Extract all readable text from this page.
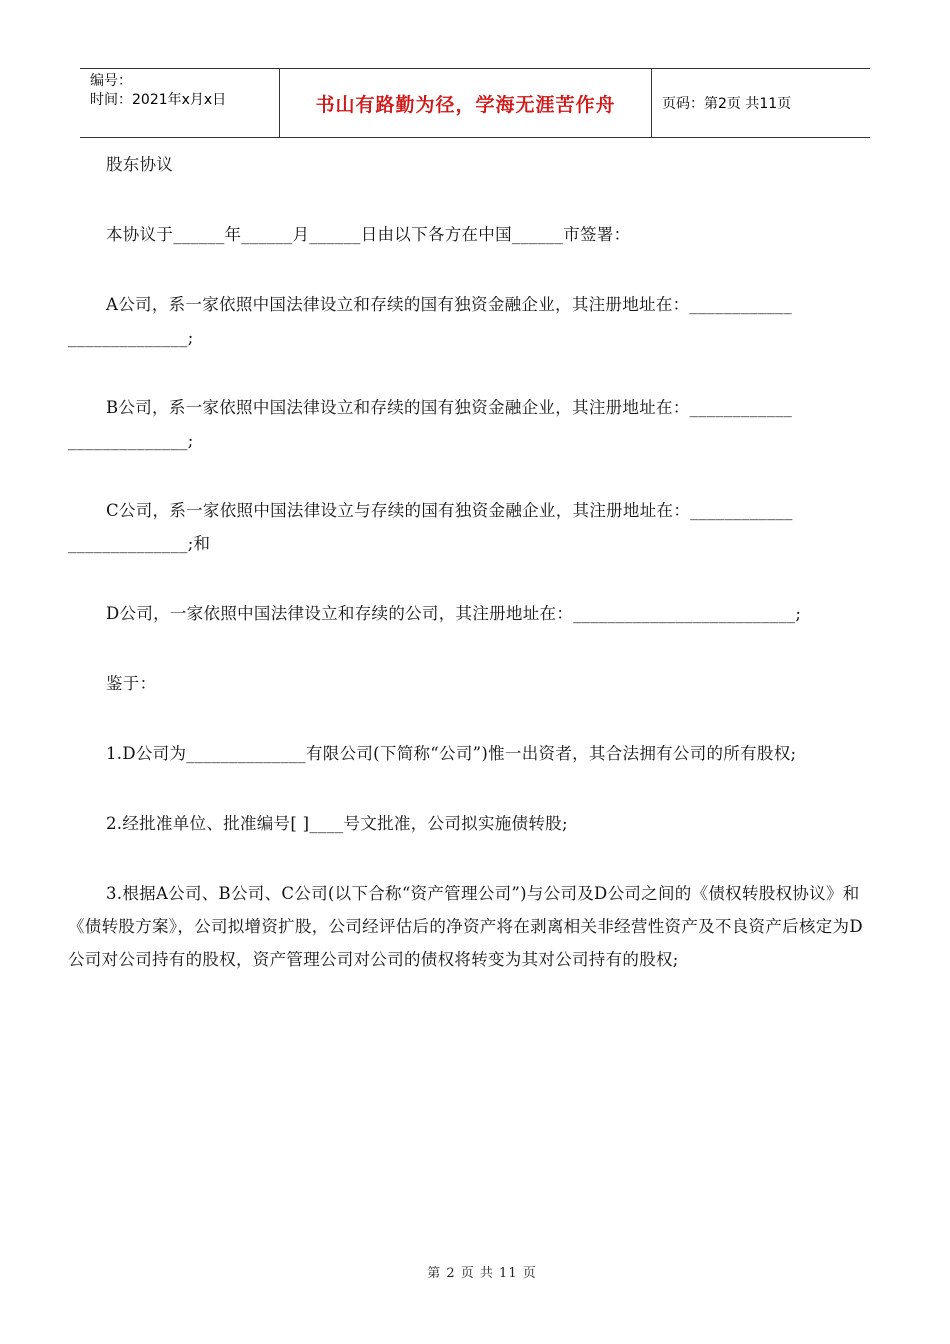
编号：
时间：2021年x月x日	书山有路勤为径，学海无涯苦作舟	页码：第2页 共11页

股东协议

本协议于______年______月______日由以下各方在中国______市签署：

A公司，系一家依照中国法律设立和存续的国有独资金融企业，其注册地址在：____________ ______________;

B公司，系一家依照中国法律设立和存续的国有独资金融企业，其注册地址在：____________ ______________;

C公司，系一家依照中国法律设立与存续的国有独资金融企业，其注册地址在：____________ ______________;和

D公司，一家依照中国法律设立和存续的公司，其注册地址在：__________________________;

鉴于：

1.D公司为______________有限公司(下简称“公司”)惟一出资者，其合法拥有公司的所有股权;

2.经批准单位、批准编号[ ]____号文批准，公司拟实施债转股;

3.根据A公司、B公司、C公司(以下合称“资产管理公司”)与公司及D公司之间的《债权转股权协议》和《债转股方案》，公司拟增资扩股，公司经评估后的净资产将在剥离相关非经营性资产及不良资产后核定为D公司对公司持有的股权，资产管理公司对公司的债权将转变为其对公司持有的股权;

第 2 页 共 11 页
